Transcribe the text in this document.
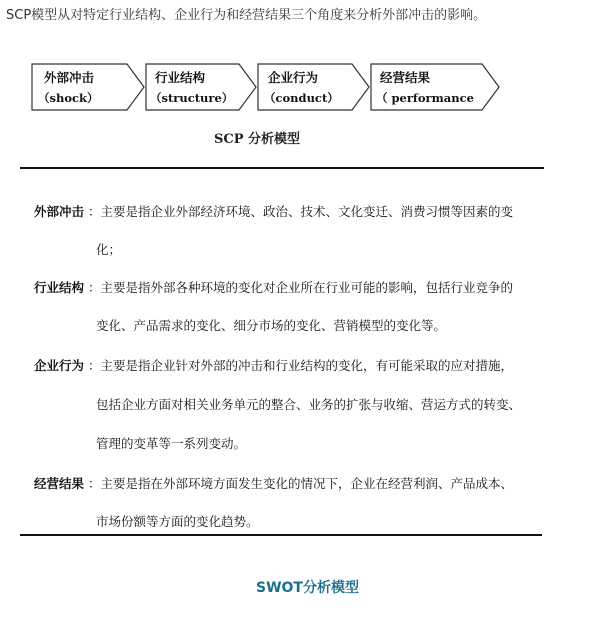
SCP模型从对特定行业结构、企业行为和经营结果三个角度来分析外部冲击的影响。
外部冲击
（shock）
行业结构
（structure）
企业行为
（conduct）
经营结果
（ performance
SCP 分析模型
外部冲击 ：主要是指企业外部经济环境、政治、技术、文化变迁、消费习惯等因素的变
化；
行业结构 ：主要是指外部各种环境的变化对企业所在行业可能的影响，包括行业竞争的
变化、产品需求的变化、细分市场的变化、营销模型的变化等。
企业行为 ：主要是指企业针对外部的冲击和行业结构的变化，有可能采取的应对措施，
包括企业方面对相关业务单元的整合、业务的扩张与收缩、营运方式的转变、
管理的变革等一系列变动。
经营结果 ：主要是指在外部环境方面发生变化的情况下，企业在经营利润、产品成本、
市场份额等方面的变化趋势。
SWOT分析模型
